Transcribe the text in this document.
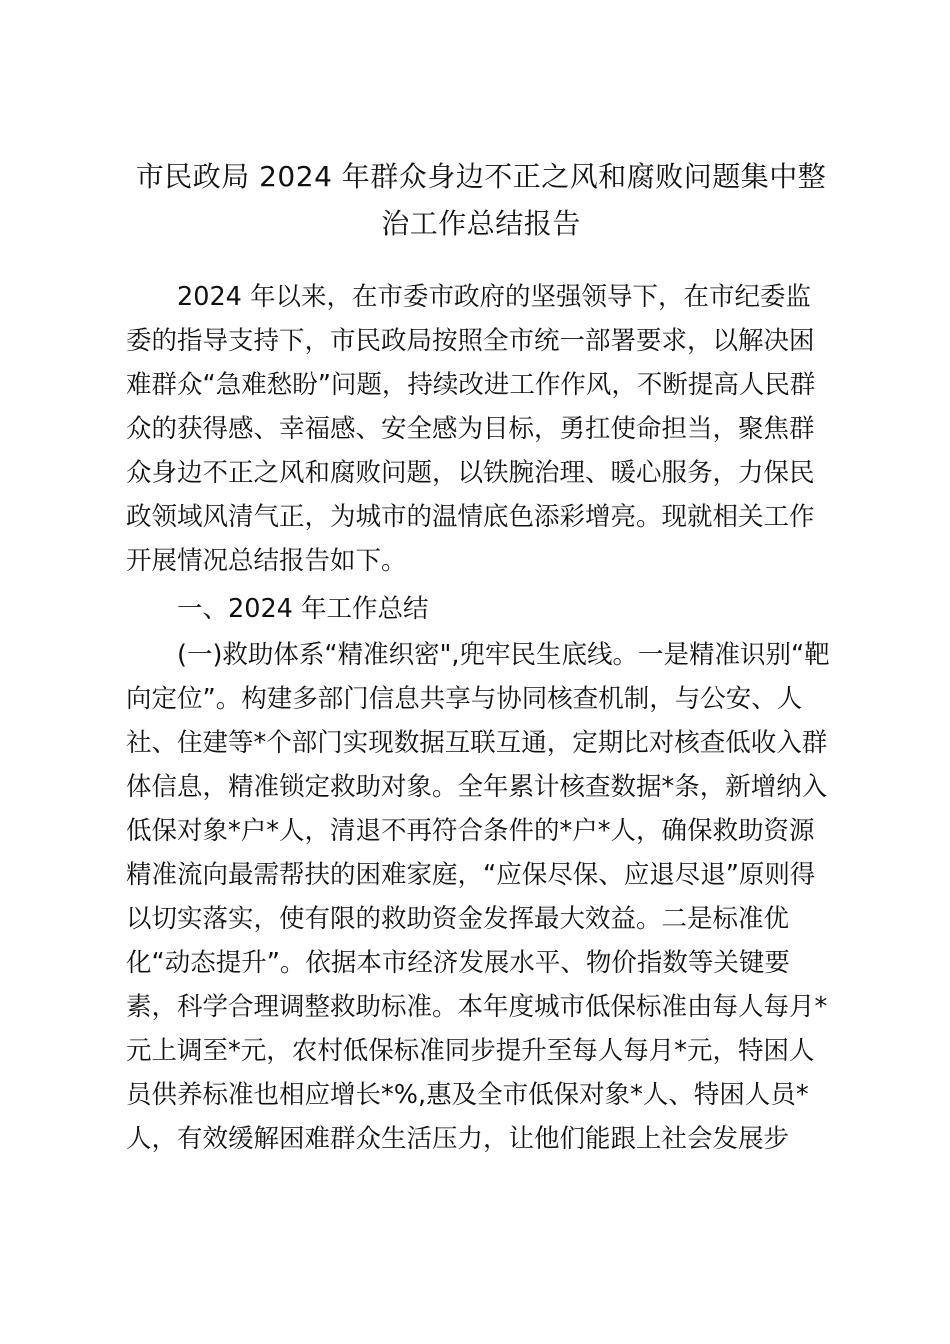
市民政局 2024 年群众身边不正之风和腐败问题集中整
治工作总结报告

　　2024 年以来，在市委市政府的坚强领导下，在市纪委监

委的指导支持下，市民政局按照全市统一部署要求，以解决困

难群众“急难愁盼”问题，持续改进工作作风，不断提高人民群

众的获得感、幸福感、安全感为目标，勇扛使命担当，聚焦群

众身边不正之风和腐败问题，以铁腕治理、暖心服务，力保民

政领域风清气正，为城市的温情底色添彩增亮。现就相关工作

开展情况总结报告如下。

　　一、2024 年工作总结

　　(一)救助体系“精准织密",兜牢民生底线。一是精准识别“靶

向定位”。构建多部门信息共享与协同核查机制，与公安、人

社、住建等*个部门实现数据互联互通，定期比对核查低收入群

体信息，精准锁定救助对象。全年累计核查数据*条，新增纳入

低保对象*户*人，清退不再符合条件的*户*人，确保救助资源

精准流向最需帮扶的困难家庭，“应保尽保、应退尽退”原则得

以切实落实，使有限的救助资金发挥最大效益。二是标准优

化“动态提升”。依据本市经济发展水平、物价指数等关键要

素，科学合理调整救助标准。本年度城市低保标准由每人每月*

元上调至*元，农村低保标准同步提升至每人每月*元，特困人

员供养标准也相应增长*%,惠及全市低保对象*人、特困人员*

人，有效缓解困难群众生活压力，让他们能跟上社会发展步
